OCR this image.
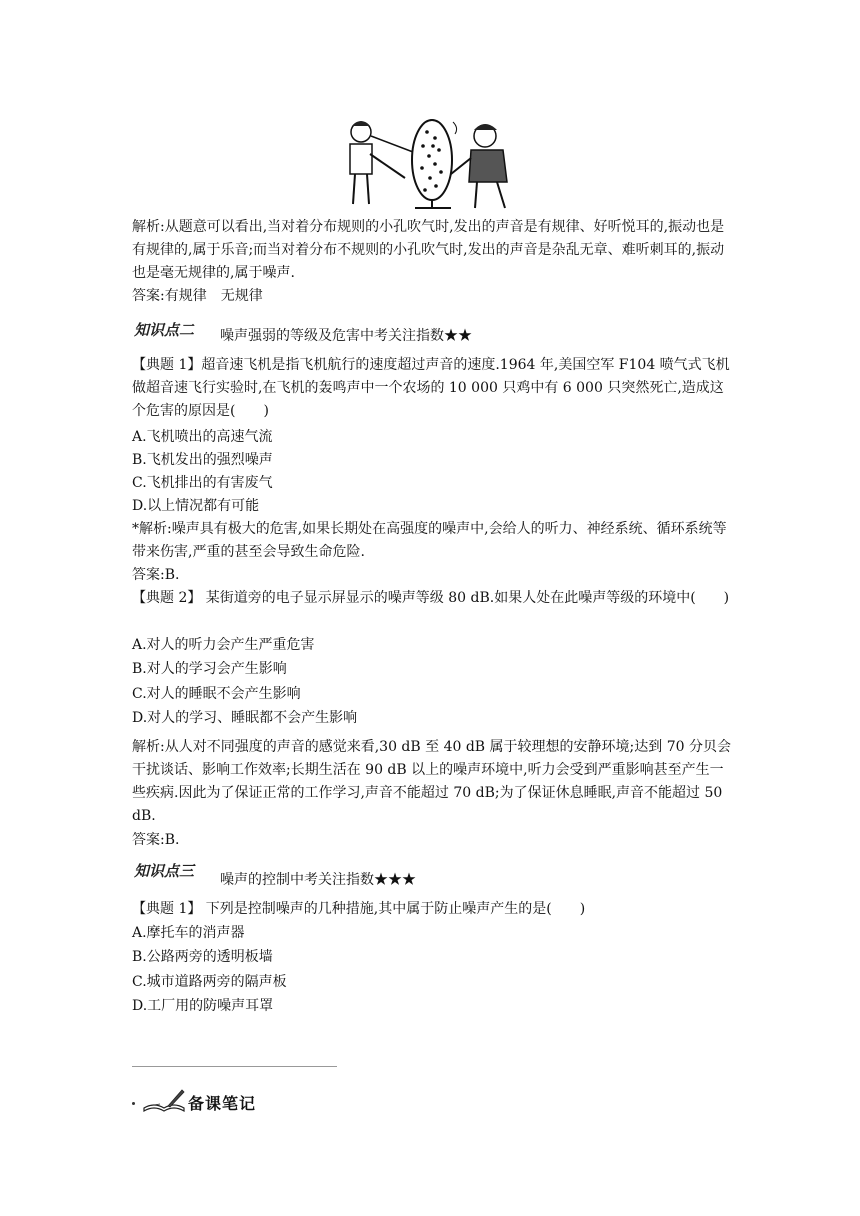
解析:从题意可以看出,当对着分布规则的小孔吹气时,发出的声音是有规律、好听悦耳的,振动也是有规律的,属于乐音;而当对着分布不规则的小孔吹气时,发出的声音是杂乱无章、难听刺耳的,振动也是毫无规律的,属于噪声.

答案:有规律　无规律

知识点二 噪声强弱的等级及危害中考关注指数★★

【典题 1】超音速飞机是指飞机航行的速度超过声音的速度.1964 年,美国空军 F104 喷气式飞机做超音速飞行实验时,在飞机的轰鸣声中一个农场的 10 000 只鸡中有 6 000 只突然死亡,造成这个危害的原因是(　　)

A.飞机喷出的高速气流

B.飞机发出的强烈噪声

C.飞机排出的有害废气

D.以上情况都有可能

*解析:噪声具有极大的危害,如果长期处在高强度的噪声中,会给人的听力、神经系统、循环系统等带来伤害,严重的甚至会导致生命危险.

答案:B.

【典题 2】 某街道旁的电子显示屏显示的噪声等级 80 dB.如果人处在此噪声等级的环境中(　　)

A.对人的听力会产生严重危害

B.对人的学习会产生影响

C.对人的睡眠不会产生影响

D.对人的学习、睡眠都不会产生影响

解析:从人对不同强度的声音的感觉来看,30 dB 至 40 dB 属于较理想的安静环境;达到 70 分贝会干扰谈话、影响工作效率;长期生活在 90 dB 以上的噪声环境中,听力会受到严重影响甚至产生一些疾病.因此为了保证正常的工作学习,声音不能超过 70 dB;为了保证休息睡眠,声音不能超过 50 dB.

答案:B.

知识点三 噪声的控制中考关注指数★★★

【典题 1】 下列是控制噪声的几种措施,其中属于防止噪声产生的是(　　)

A.摩托车的消声器

B.公路两旁的透明板墙

C.城市道路两旁的隔声板

D.工厂用的防噪声耳罩

备课笔记
